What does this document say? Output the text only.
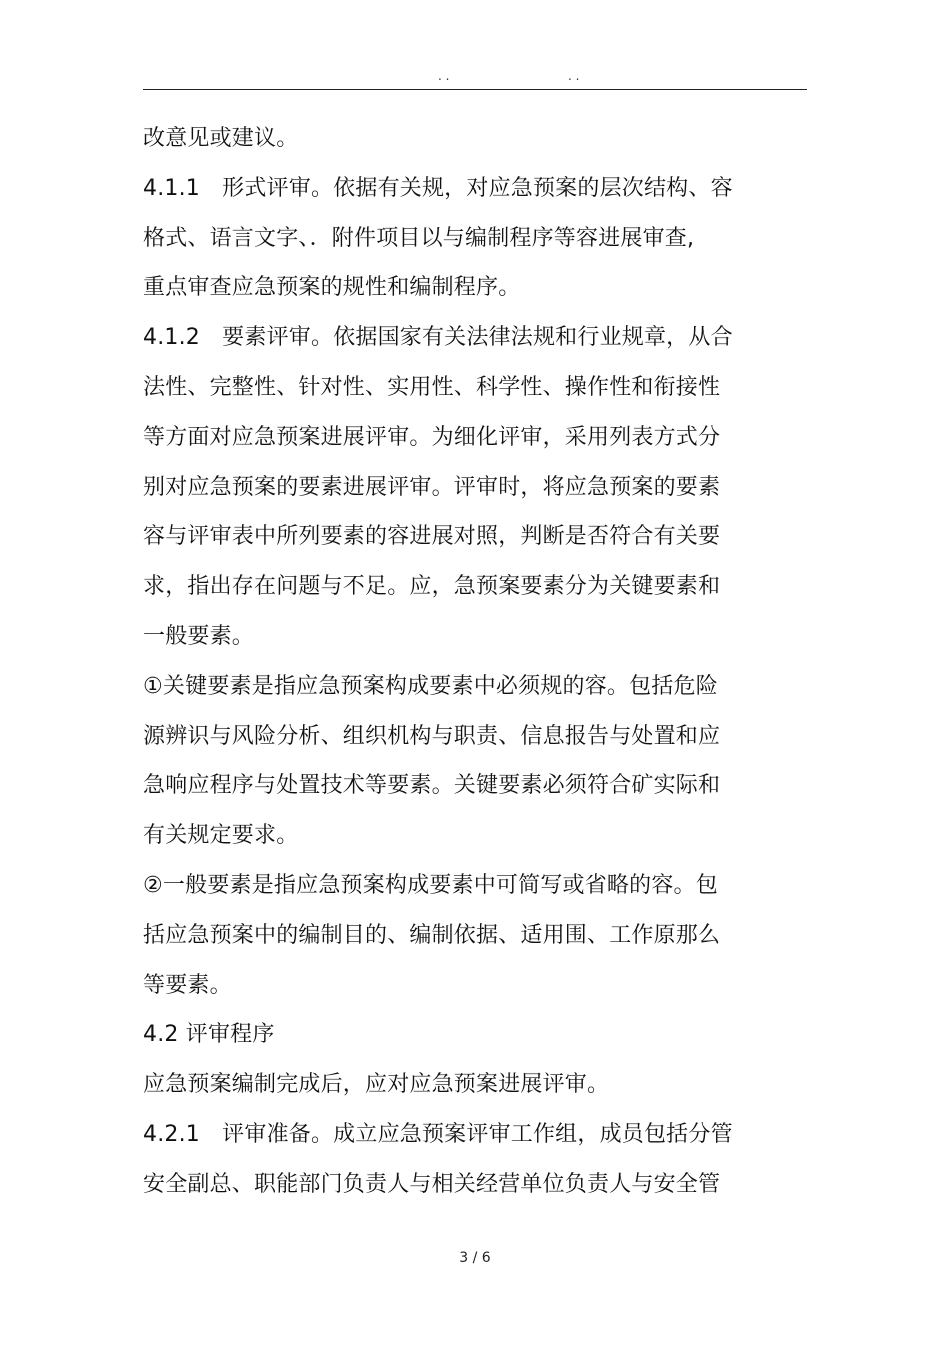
. .	. .
改意见或建议。
4.1.1　形式评审。依据有关规，对应急预案的层次结构、容
格式、语言文字、．附件项目以与编制程序等容进展审查,
重点审查应急预案的规性和编制程序。
4.1.2　要素评审。依据国家有关法律法规和行业规章，从合
法性、完整性、针对性、实用性、科学性、操作性和衔接性
等方面对应急预案进展评审。为细化评审，采用列表方式分
别对应急预案的要素进展评审。评审时，将应急预案的要素
容与评审表中所列要素的容进展对照，判断是否符合有关要
求，指出存在问题与不足。应，急预案要素分为关键要素和
一般要素。
①关键要素是指应急预案构成要素中必须规的容。包括危险
源辨识与风险分析、组织机构与职责、信息报告与处置和应
急响应程序与处置技术等要素。关键要素必须符合矿实际和
有关规定要求。
②一般要素是指应急预案构成要素中可简写或省略的容。包
括应急预案中的编制目的、编制依据、适用围、工作原那么
等要素。
4.2 评审程序
应急预案编制完成后，应对应急预案进展评审。
4.2.1　评审准备。成立应急预案评审工作组，成员包括分管
安全副总、职能部门负责人与相关经营单位负责人与安全管
3 / 6
